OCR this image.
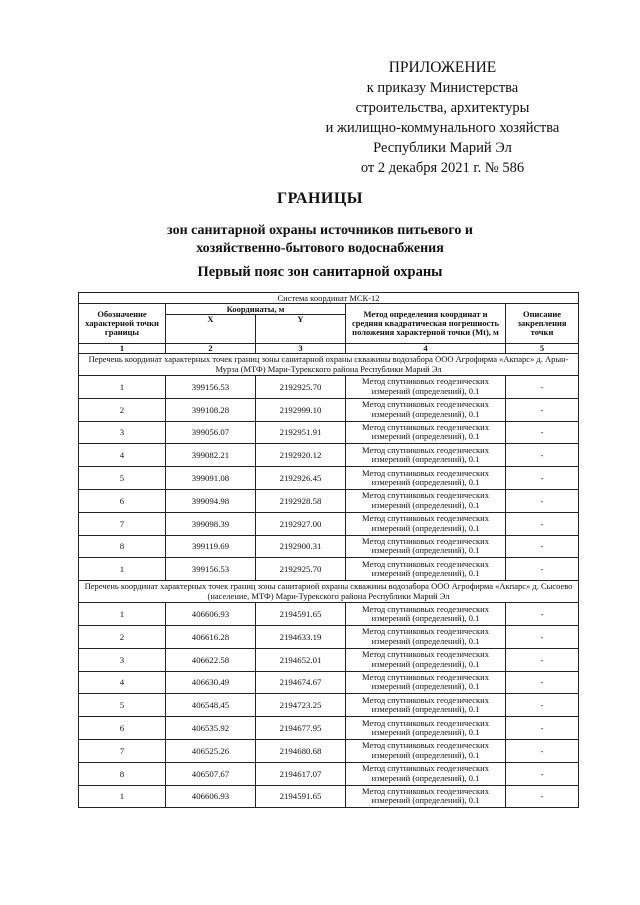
ПРИЛОЖЕНИЕ
к приказу Министерства
строительства, архитектуры
и жилищно-коммунального хозяйства
Республики Марий Эл
от 2 декабря 2021 г. № 586
ГРАНИЦЫ
зон санитарной охраны источников питьевого и хозяйственно-бытового водоснабжения
Первый пояс зон санитарной охраны
Система координат МСК-12				
Обозначение характерной точки границы	Координаты, м		Метод определения координат и средняя квадратическая погрешность положения характерной точки (Mt), м	Описание закрепления точки
	X	Y		
1	2	3	4	5
Перечень координат характерных точек границ зоны санитарной охраны скважины водозабора ООО Агрофирма «Акпарс» д. Арын-Мурза (МТФ) Мари-Турекского района Республики Марий Эл				
1	399156.53	2192925.70	Метод спутниковых геодезических измерений (определений), 0.1	-
2	399108.28	2192999.10	Метод спутниковых геодезических измерений (определений), 0.1	-
3	399056.07	2192951.91	Метод спутниковых геодезических измерений (определений), 0.1	-
4	399082.21	2192920.12	Метод спутниковых геодезических измерений (определений), 0.1	-
5	399091.08	2192926.45	Метод спутниковых геодезических измерений (определений), 0.1	-
6	399094.98	2192928.58	Метод спутниковых геодезических измерений (определений), 0.1	-
7	399098.39	2192927.00	Метод спутниковых геодезических измерений (определений), 0.1	-
8	399119.69	2192900.31	Метод спутниковых геодезических измерений (определений), 0.1	-
1	399156.53	2192925.70	Метод спутниковых геодезических измерений (определений), 0.1	-
Перечень координат характерных точек границ зоны санитарной охраны скважины водозабора ООО Агрофирма «Акпарс» д. Сысоево (население, МТФ) Мари-Турекского района Республики Марий Эл				
1	406606.93	2194591.65	Метод спутниковых геодезических измерений (определений), 0.1	-
2	406616.28	2194633.19	Метод спутниковых геодезических измерений (определений), 0.1	-
3	406622.58	2194652.01	Метод спутниковых геодезических измерений (определений), 0.1	-
4	406630.49	2194674.67	Метод спутниковых геодезических измерений (определений), 0.1	-
5	406548.45	2194723.25	Метод спутниковых геодезических измерений (определений), 0.1	-
6	406535.92	2194677.95	Метод спутниковых геодезических измерений (определений), 0.1	-
7	406525.26	2194680.68	Метод спутниковых геодезических измерений (определений), 0.1	-
8	406507.67	2194617.07	Метод спутниковых геодезических измерений (определений), 0.1	-
1	406606.93	2194591.65	Метод спутниковых геодезических измерений (определений), 0.1	-
